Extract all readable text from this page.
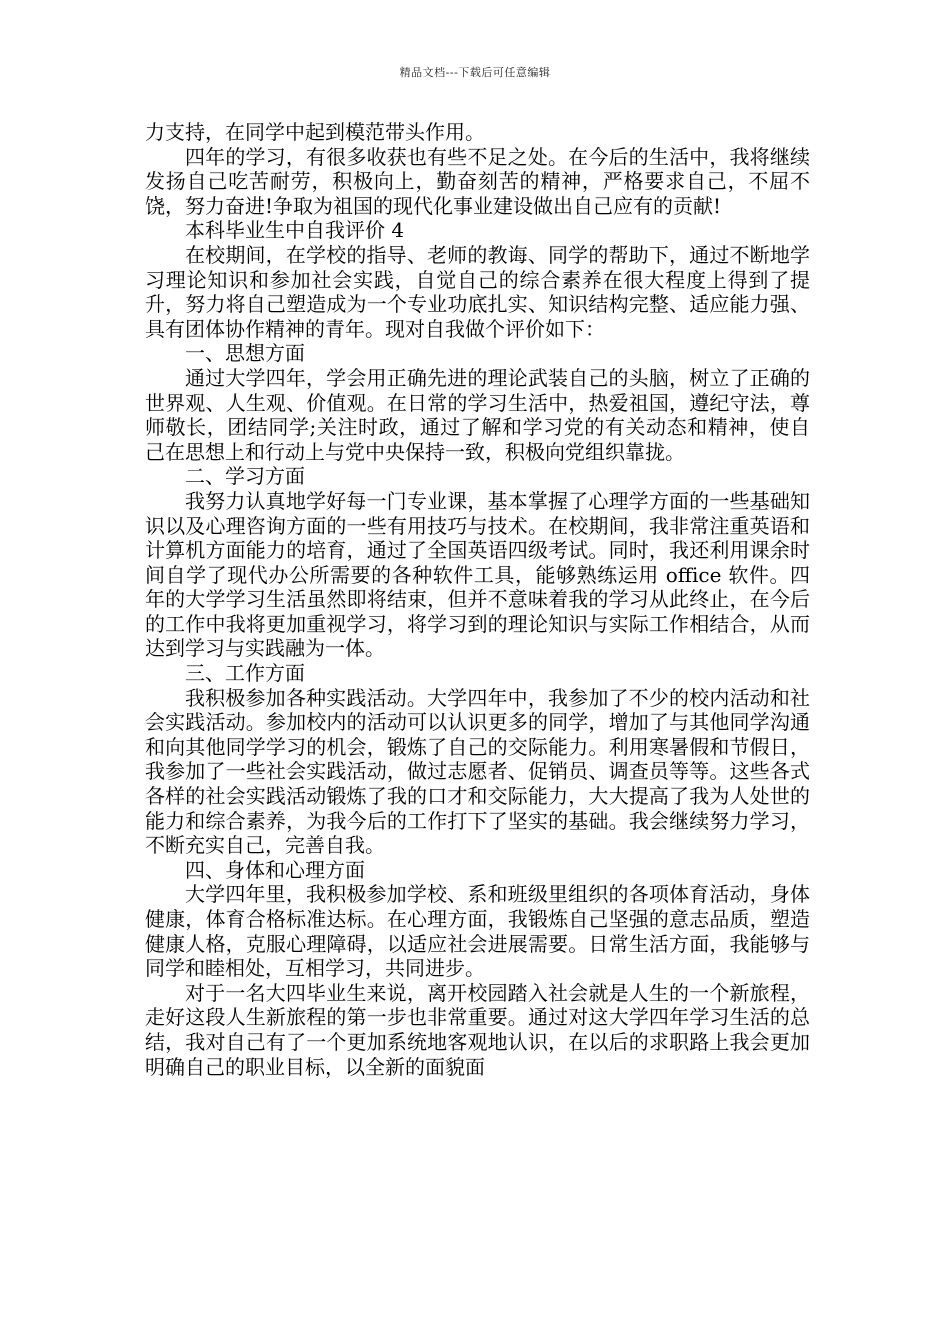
精品文档---下载后可任意编辑

力支持，在同学中起到模范带头作用。

四年的学习，有很多收获也有些不足之处。在今后的生活中，我将继续发扬自己吃苦耐劳，积极向上，勤奋刻苦的精神，严格要求自己，不屈不饶，努力奋进!争取为祖国的现代化事业建设做出自己应有的贡献!

本科毕业生中自我评价 4

在校期间，在学校的指导、老师的教诲、同学的帮助下，通过不断地学习理论知识和参加社会实践，自觉自己的综合素养在很大程度上得到了提升，努力将自己塑造成为一个专业功底扎实、知识结构完整、适应能力强、具有团体协作精神的青年。现对自我做个评价如下：

一、思想方面

通过大学四年，学会用正确先进的理论武装自己的头脑，树立了正确的世界观、人生观、价值观。在日常的学习生活中，热爱祖国，遵纪守法，尊师敬长，团结同学;关注时政，通过了解和学习党的有关动态和精神，使自己在思想上和行动上与党中央保持一致，积极向党组织靠拢。

二、学习方面

我努力认真地学好每一门专业课，基本掌握了心理学方面的一些基础知识以及心理咨询方面的一些有用技巧与技术。在校期间，我非常注重英语和计算机方面能力的培育，通过了全国英语四级考试。同时，我还利用课余时间自学了现代办公所需要的各种软件工具，能够熟练运用 office 软件。四年的大学学习生活虽然即将结束，但并不意味着我的学习从此终止，在今后的工作中我将更加重视学习，将学习到的理论知识与实际工作相结合，从而达到学习与实践融为一体。

三、工作方面

我积极参加各种实践活动。大学四年中，我参加了不少的校内活动和社会实践活动。参加校内的活动可以认识更多的同学，增加了与其他同学沟通和向其他同学学习的机会，锻炼了自己的交际能力。利用寒暑假和节假日，我参加了一些社会实践活动，做过志愿者、促销员、调查员等等。这些各式各样的社会实践活动锻炼了我的口才和交际能力，大大提高了我为人处世的能力和综合素养，为我今后的工作打下了坚实的基础。我会继续努力学习，不断充实自己，完善自我。

四、身体和心理方面

大学四年里，我积极参加学校、系和班级里组织的各项体育活动，身体健康，体育合格标准达标。在心理方面，我锻炼自己坚强的意志品质，塑造健康人格，克服心理障碍，以适应社会进展需要。日常生活方面，我能够与同学和睦相处，互相学习，共同进步。

对于一名大四毕业生来说，离开校园踏入社会就是人生的一个新旅程，走好这段人生新旅程的第一步也非常重要。通过对这大学四年学习生活的总结，我对自己有了一个更加系统地客观地认识，在以后的求职路上我会更加明确自己的职业目标，以全新的面貌面
